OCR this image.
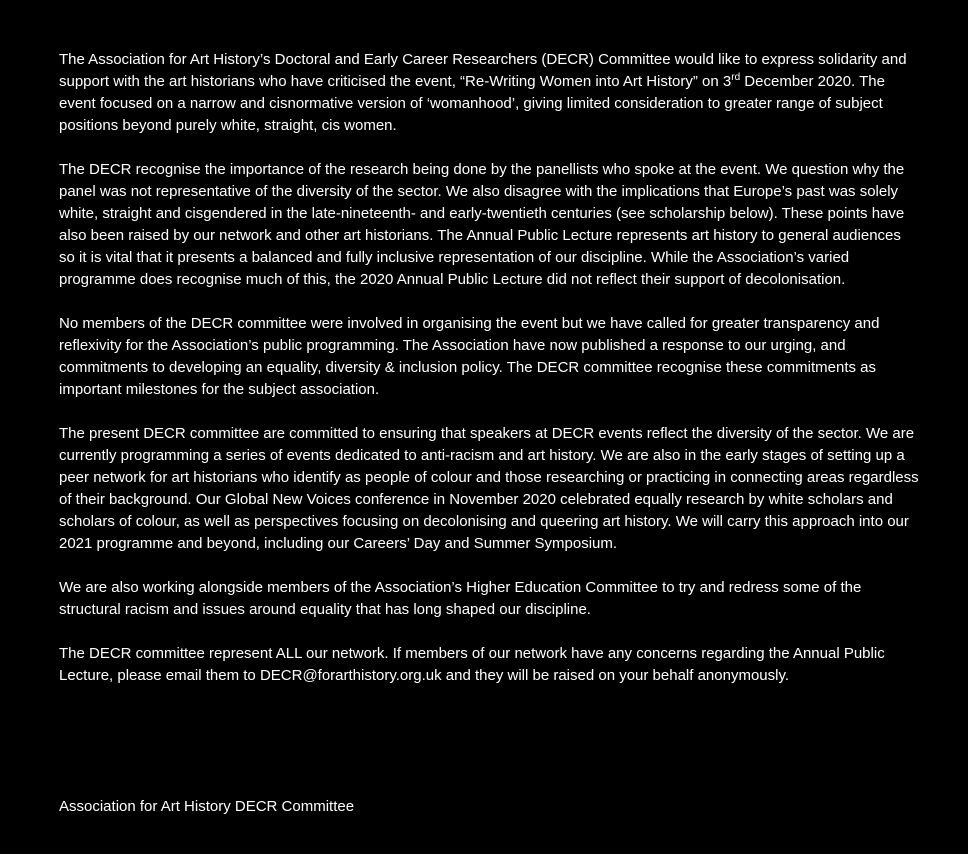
The Association for Art History’s Doctoral and Early Career Researchers (DECR) Committee would like to express solidarity and support with the art historians who have criticised the event, “Re-Writing Women into Art History” on 3rd December 2020. The event focused on a narrow and cisnormative version of ‘womanhood’, giving limited consideration to greater range of subject positions beyond purely white, straight, cis women.

The DECR recognise the importance of the research being done by the panellists who spoke at the event. We question why the panel was not representative of the diversity of the sector. We also disagree with the implications that Europe’s past was solely white, straight and cisgendered in the late-nineteenth- and early-twentieth centuries (see scholarship below). These points have also been raised by our network and other art historians. The Annual Public Lecture represents art history to general audiences so it is vital that it presents a balanced and fully inclusive representation of our discipline. While the Association’s varied programme does recognise much of this, the 2020 Annual Public Lecture did not reflect their support of decolonisation.

No members of the DECR committee were involved in organising the event but we have called for greater transparency and reflexivity for the Association’s public programming. The Association have now published a response to our urging, and commitments to developing an equality, diversity & inclusion policy. The DECR committee recognise these commitments as important milestones for the subject association.

The present DECR committee are committed to ensuring that speakers at DECR events reflect the diversity of the sector. We are currently programming a series of events dedicated to anti-racism and art history. We are also in the early stages of setting up a peer network for art historians who identify as people of colour and those researching or practicing in connecting areas regardless of their background. Our Global New Voices conference in November 2020 celebrated equally research by white scholars and scholars of colour, as well as perspectives focusing on decolonising and queering art history. We will carry this approach into our 2021 programme and beyond, including our Careers’ Day and Summer Symposium.

We are also working alongside members of the Association’s Higher Education Committee to try and redress some of the structural racism and issues around equality that has long shaped our discipline.

The DECR committee represent ALL our network. If members of our network have any concerns regarding the Annual Public Lecture, please email them to DECR@forarthistory.org.uk and they will be raised on your behalf anonymously.

Association for Art History DECR Committee
